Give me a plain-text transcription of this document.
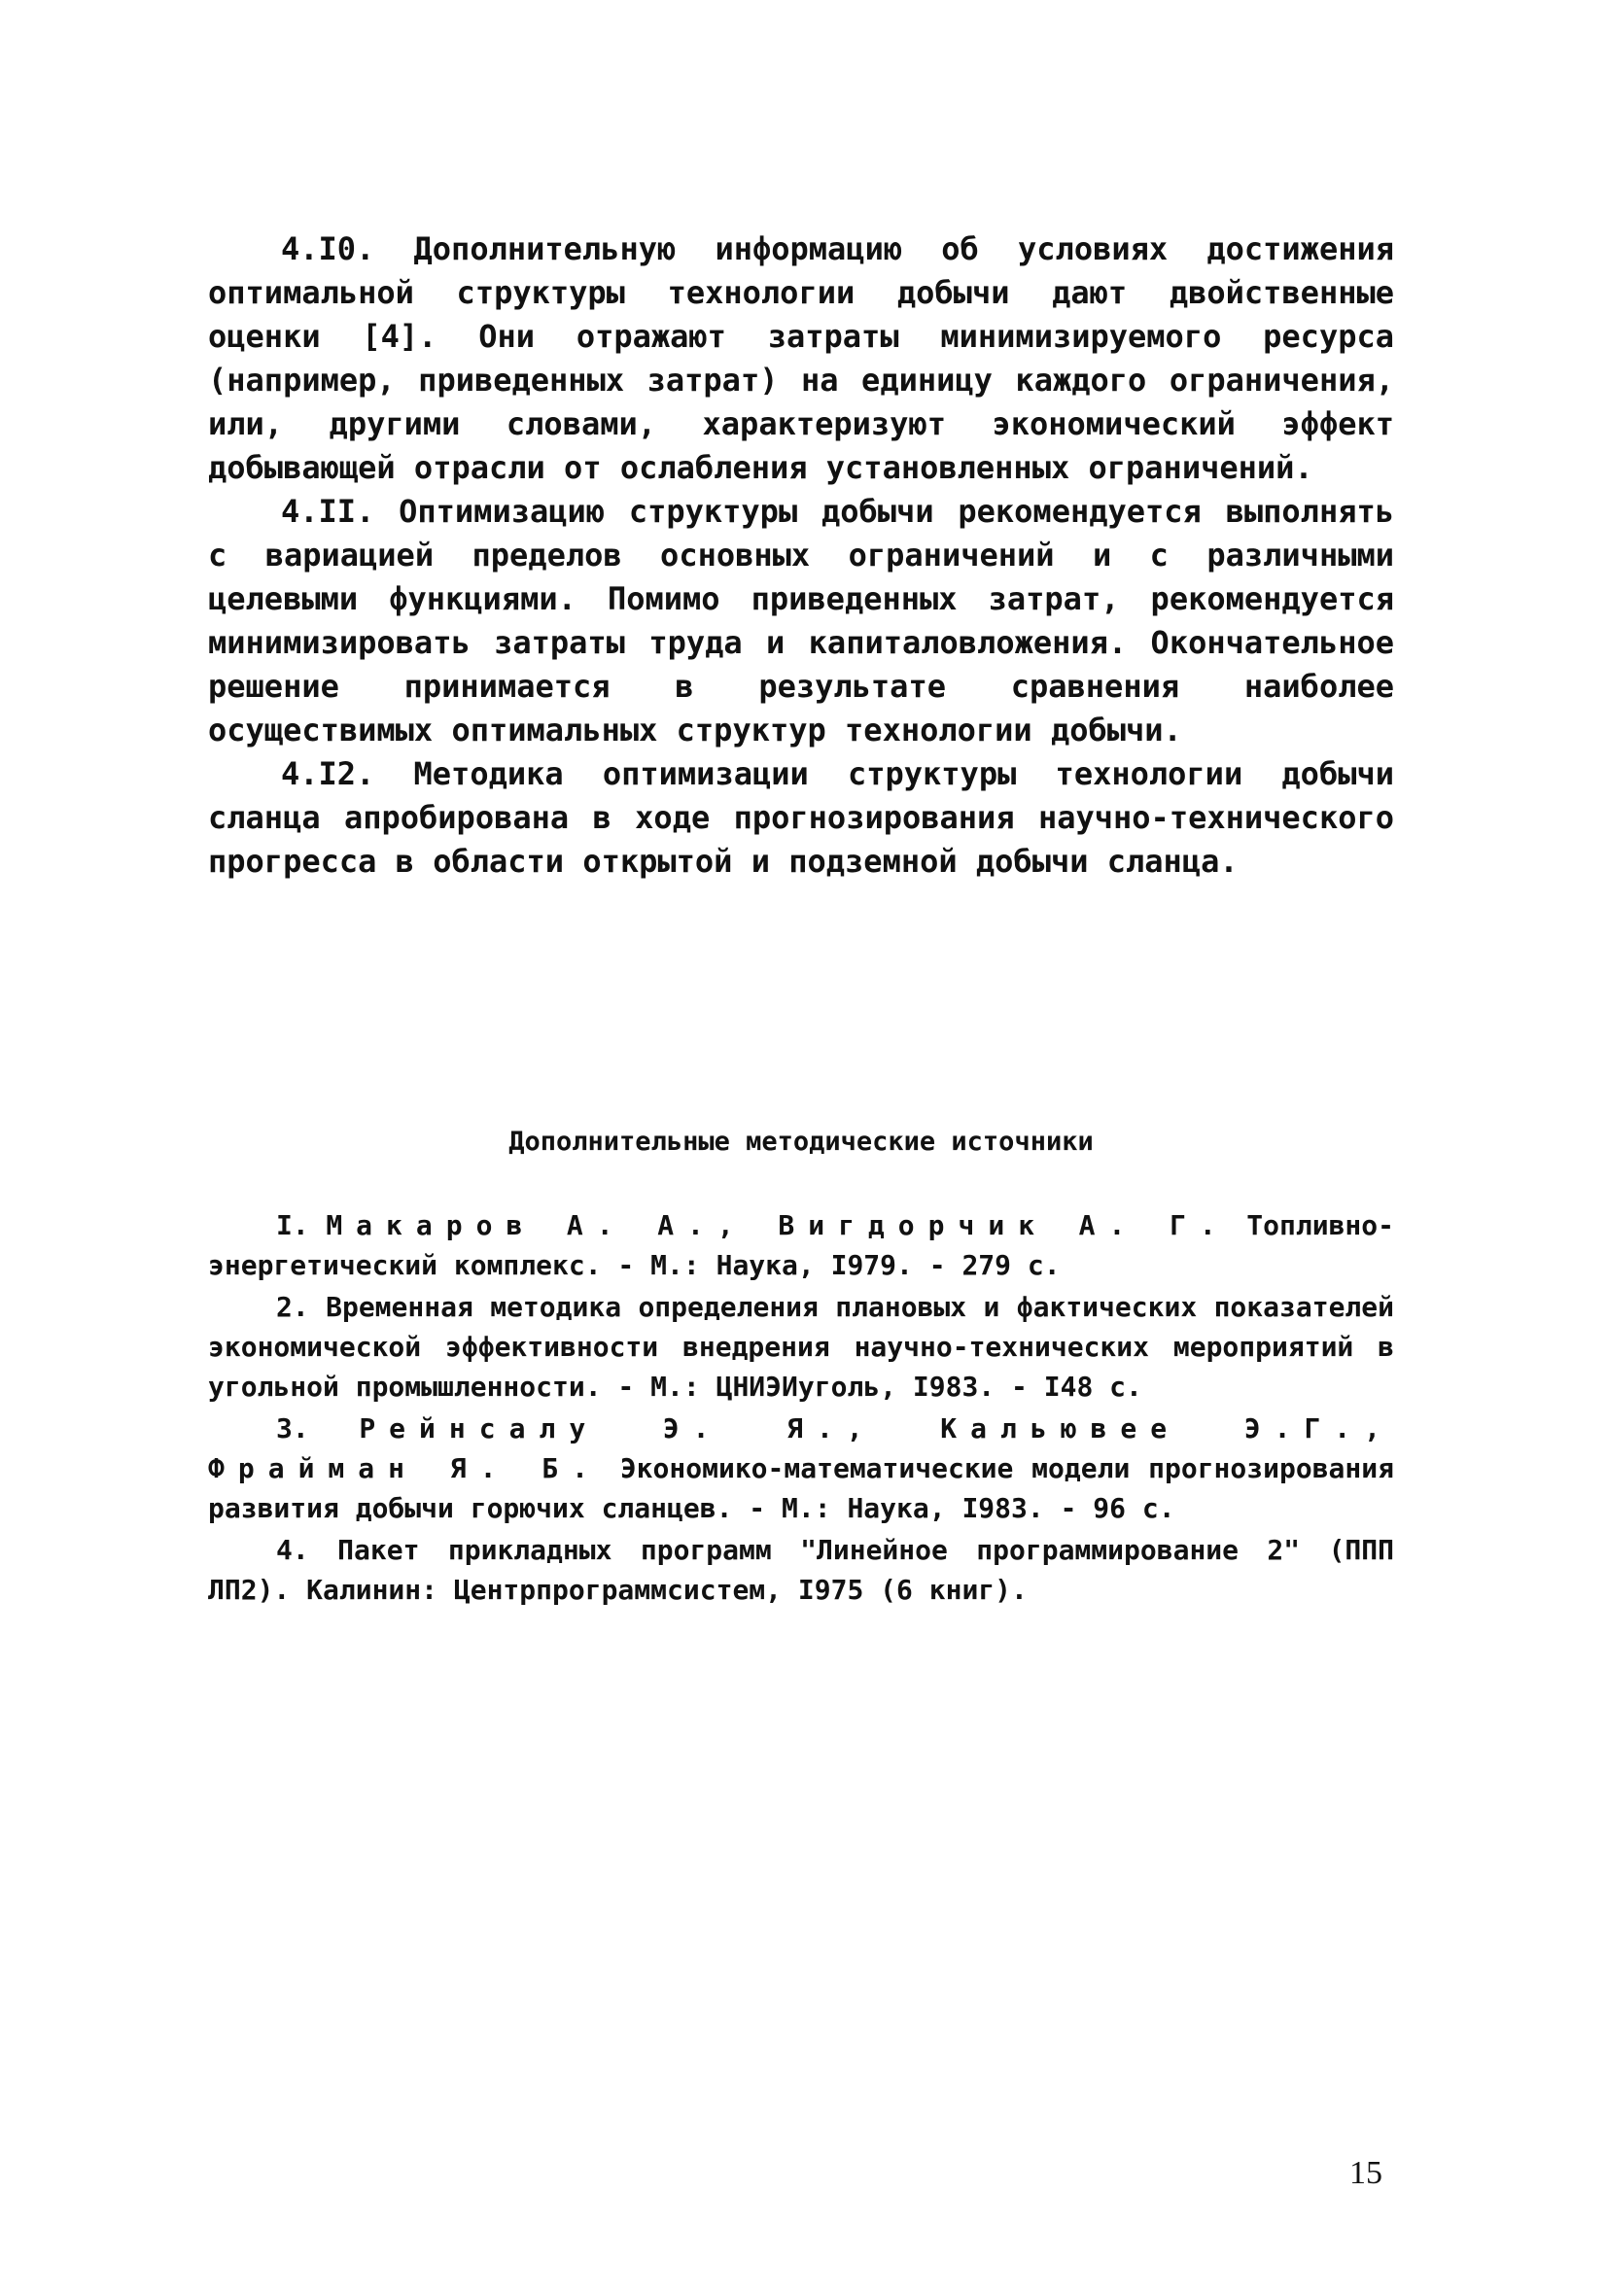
4.I0. Дополнительную информацию об условиях достижения оптимальной структуры технологии добычи дают двойственные оценки [4]. Они отражают затраты минимизируемого ресурса (например, приведенных затрат) на единицу каждого ограничения, или, другими словами, характеризуют экономический эффект добывающей отрасли от ослабления установленных ограничений.

4.II. Оптимизацию структуры добычи рекомендуется выполнять с вариацией пределов основных ограничений и с различными целевыми функциями. Помимо приведенных затрат, рекомендуется минимизировать затраты труда и капиталовложения. Окончательное решение принимается в результате сравнения наиболее осуществимых оптимальных структур технологии добычи.

4.I2. Методика оптимизации структуры технологии добычи сланца апробирована в ходе прогнозирования научно-технического прогресса в области открытой и подземной добычи сланца.

Дополнительные методические источники

I. Макаров А. А., Вигдорчик А. Г. Топливно-энергетический комплекс. - М.: Наука, I979. - 279 с.

2. Временная методика определения плановых и фактических показателей экономической эффективности внедрения научно-технических мероприятий в угольной промышленности. - М.: ЦНИЭИуголь, I983. - I48 с.

3. Рейнсалу Э. Я., Кальювее Э.Г., Фрайман Я. Б. Экономико-математические модели прогнозирования развития добычи горючих сланцев. - М.: Наука, I983. - 96 с.

4. Пакет прикладных программ "Линейное программирование 2" (ППП ЛП2). Калинин: Центрпрограммсистем, I975 (6 книг).

15
